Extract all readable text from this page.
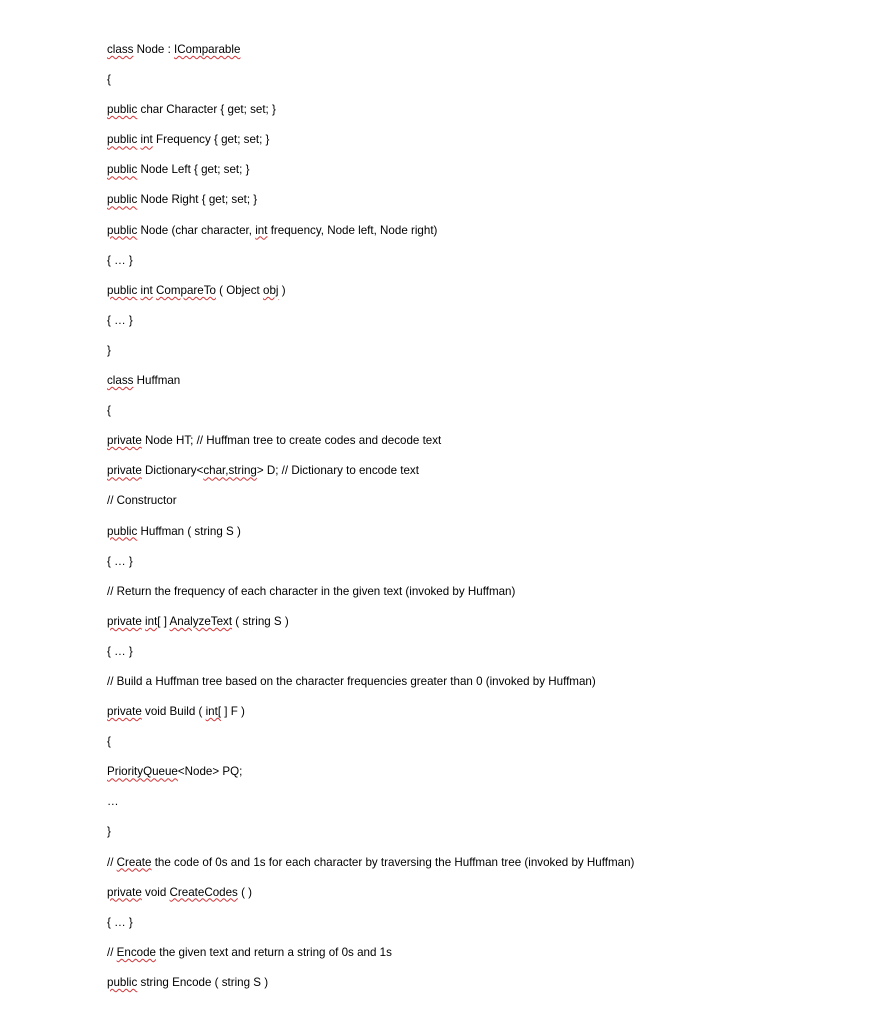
class Node : IComparable
{
public char Character { get; set; }
public int Frequency { get; set; }
public Node Left { get; set; }
public Node Right { get; set; }
public Node (char character, int frequency, Node left, Node right)
{ … }
public int CompareTo ( Object obj )
{ … }
}
class Huffman
{
private Node HT; // Huffman tree to create codes and decode text
private Dictionary<char,string> D; // Dictionary to encode text
// Constructor
public Huffman ( string S )
{ … }
// Return the frequency of each character in the given text (invoked by Huffman)
private int[ ] AnalyzeText ( string S )
{ … }
// Build a Huffman tree based on the character frequencies greater than 0 (invoked by Huffman)
private void Build ( int[ ] F )
{
PriorityQueue<Node> PQ;
…
}
// Create the code of 0s and 1s for each character by traversing the Huffman tree (invoked by Huffman)
private void CreateCodes ( )
{ … }
// Encode the given text and return a string of 0s and 1s
public string Encode ( string S )
